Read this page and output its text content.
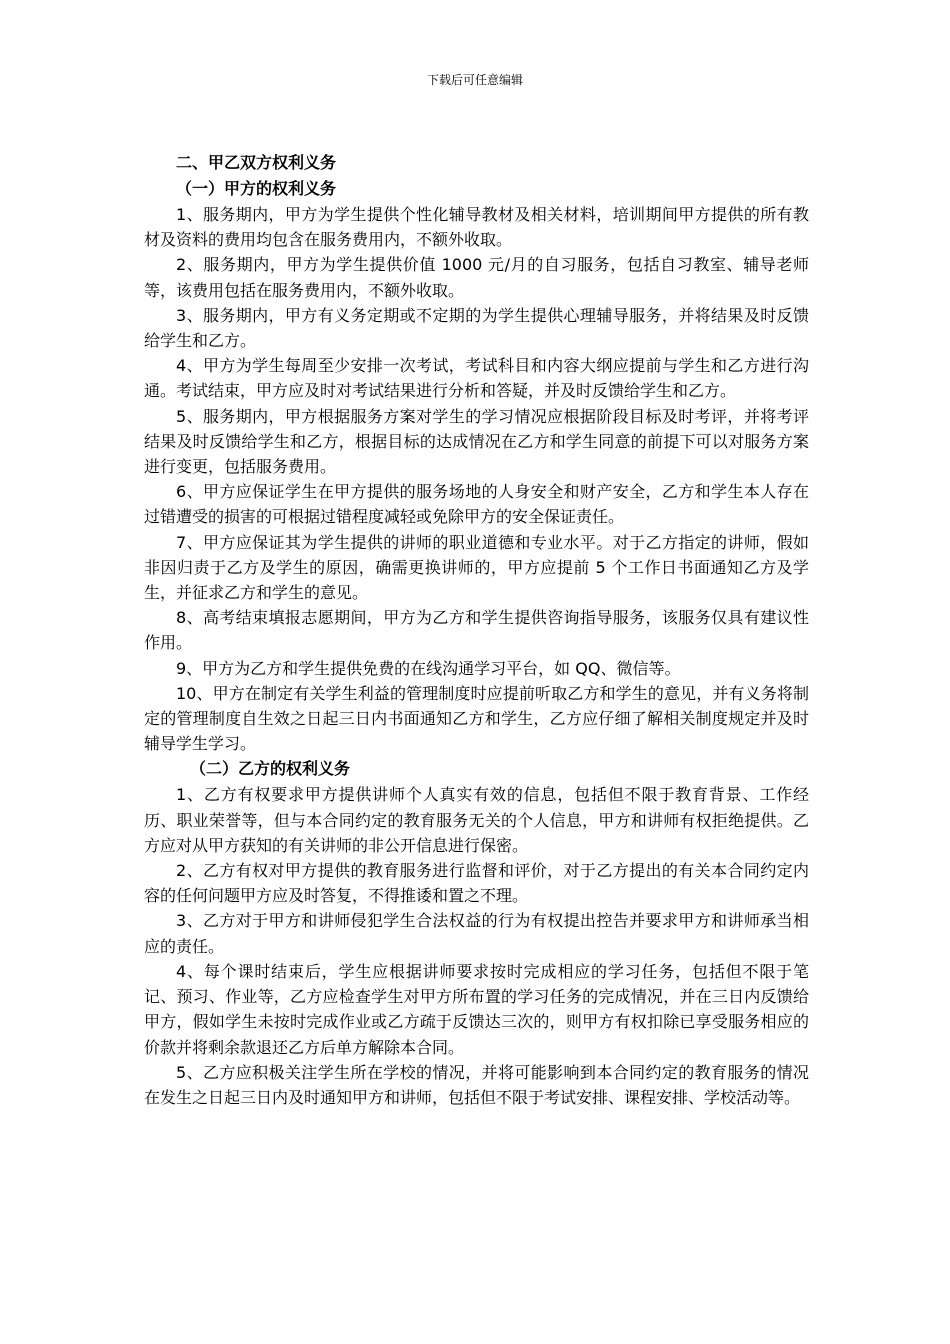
下载后可任意编辑

二、甲乙双方权利义务

（一）甲方的权利义务

1、服务期内，甲方为学生提供个性化辅导教材及相关材料，培训期间甲方提供的所有教材及资料的费用均包含在服务费用内，不额外收取。

2、服务期内，甲方为学生提供价值 1000 元/月的自习服务，包括自习教室、辅导老师等，该费用包括在服务费用内，不额外收取。

3、服务期内，甲方有义务定期或不定期的为学生提供心理辅导服务，并将结果及时反馈给学生和乙方。

4、甲方为学生每周至少安排一次考试，考试科目和内容大纲应提前与学生和乙方进行沟通。考试结束，甲方应及时对考试结果进行分析和答疑，并及时反馈给学生和乙方。

5、服务期内，甲方根据服务方案对学生的学习情况应根据阶段目标及时考评，并将考评结果及时反馈给学生和乙方，根据目标的达成情况在乙方和学生同意的前提下可以对服务方案进行变更，包括服务费用。

6、甲方应保证学生在甲方提供的服务场地的人身安全和财产安全，乙方和学生本人存在过错遭受的损害的可根据过错程度减轻或免除甲方的安全保证责任。

7、甲方应保证其为学生提供的讲师的职业道德和专业水平。对于乙方指定的讲师，假如非因归责于乙方及学生的原因，确需更换讲师的，甲方应提前 5 个工作日书面通知乙方及学生，并征求乙方和学生的意见。

8、高考结束填报志愿期间，甲方为乙方和学生提供咨询指导服务，该服务仅具有建议性作用。

9、甲方为乙方和学生提供免费的在线沟通学习平台，如 QQ、微信等。

10、甲方在制定有关学生利益的管理制度时应提前听取乙方和学生的意见，并有义务将制定的管理制度自生效之日起三日内书面通知乙方和学生，乙方应仔细了解相关制度规定并及时辅导学生学习。

（二）乙方的权利义务

1、乙方有权要求甲方提供讲师个人真实有效的信息，包括但不限于教育背景、工作经历、职业荣誉等，但与本合同约定的教育服务无关的个人信息，甲方和讲师有权拒绝提供。乙方应对从甲方获知的有关讲师的非公开信息进行保密。

2、乙方有权对甲方提供的教育服务进行监督和评价，对于乙方提出的有关本合同约定内容的任何问题甲方应及时答复，不得推诿和置之不理。

3、乙方对于甲方和讲师侵犯学生合法权益的行为有权提出控告并要求甲方和讲师承当相应的责任。

4、每个课时结束后，学生应根据讲师要求按时完成相应的学习任务，包括但不限于笔记、预习、作业等，乙方应检查学生对甲方所布置的学习任务的完成情况，并在三日内反馈给甲方，假如学生未按时完成作业或乙方疏于反馈达三次的，则甲方有权扣除已享受服务相应的价款并将剩余款退还乙方后单方解除本合同。

5、乙方应积极关注学生所在学校的情况，并将可能影响到本合同约定的教育服务的情况在发生之日起三日内及时通知甲方和讲师，包括但不限于考试安排、课程安排、学校活动等。
